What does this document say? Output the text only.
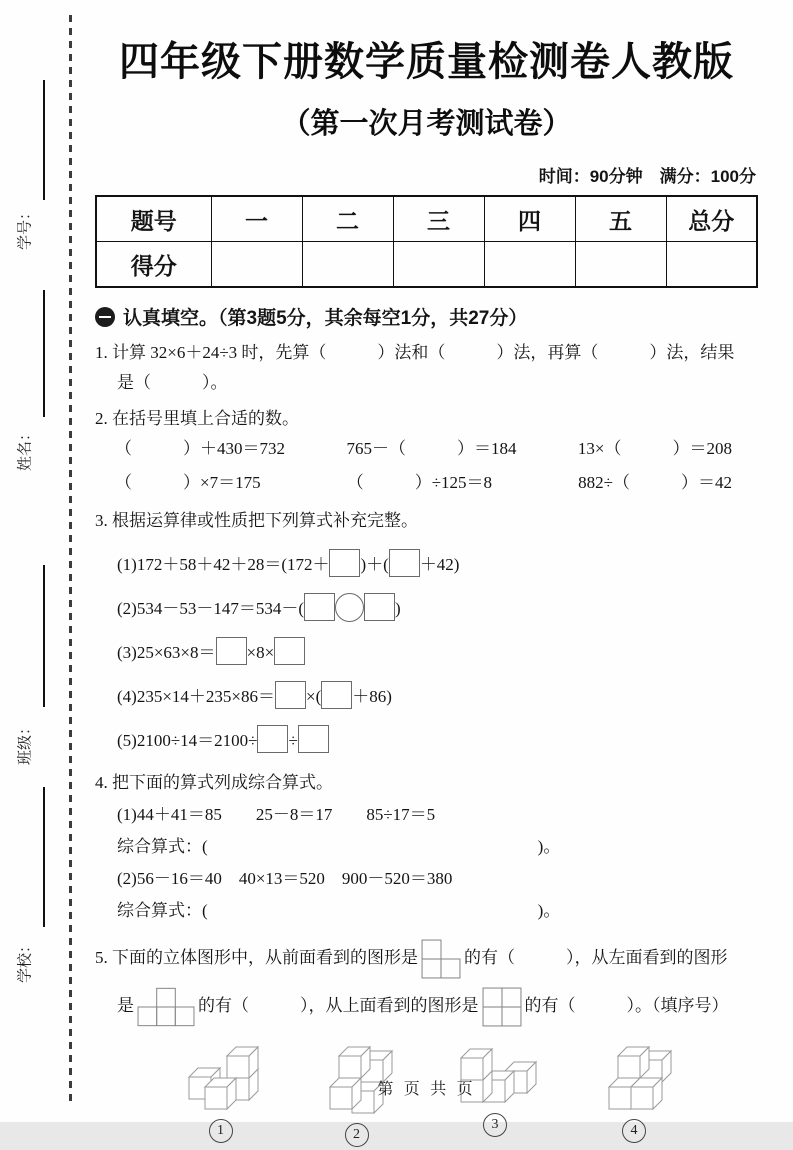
学号：
姓名：
班级：
学校：
四年级下册数学质量检测卷人教版
（第一次月考测试卷）
时间：90分钟　满分：100分
题号	一	二	三	四	五	总分
得分						
认真填空。（第3题5分，其余每空1分，共27分）
1. 计算 32×6＋24÷3 时，先算（　　　）法和（　　　）法，再算（　　　）法，结果
是（　　　）。
2. 在括号里填上合适的数。
（　　　）＋430＝732	765－（　　　）＝184	13×（　　　）＝208
（　　　）×7＝175	（　　　）÷125＝8	882÷（　　　）＝42
3. 根据运算律或性质把下列算式补充完整。
(1)172＋58＋42＋28＝(172＋ )＋( ＋42)
(2)534－53－147＝534－(	)
(3)25×63×8＝ ×8×
(4)235×14＋235×86＝ ×( ＋86)
(5)2100÷14＝2100÷ ÷
4. 把下面的算式列成综合算式。
(1)44＋41＝85　　25－8＝17　　85÷17＝5
综合算式：(	)。
(2)56－16＝40　40×13＝520　900－520＝380
综合算式：(	)。
5. 下面的立体图形中，从前面看到的图形是	的有（　　　），从左面看到的图形
是	的有（　　　），从上面看到的图形是	的有（　　　）。（填序号）
1	2
3	4
第 页 共 页
